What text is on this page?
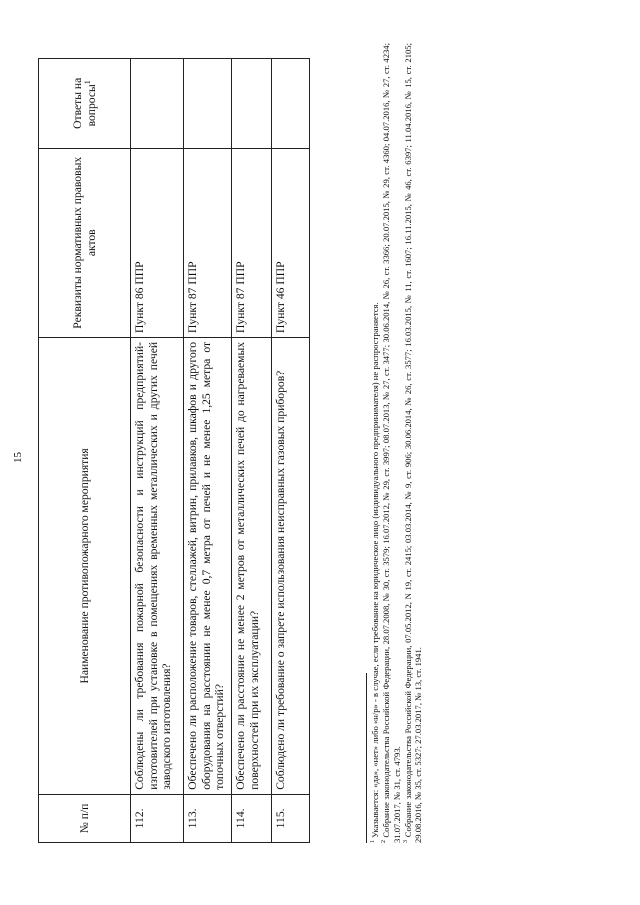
15
№ п/п	Наименование противопожарного мероприятия	Реквизиты нормативных правовых актов	Ответы на вопросы$^1$
112.	Соблюдены ли требования пожарной безопасности и инструкций предприятий-изготовителей при установке в помещениях временных металлических и других печей заводского изготовления?	Пункт 86 ППР	
113.	Обеспечено ли расположение товаров, стеллажей, витрин, прилавков, шкафов и другого оборудования на расстоянии не менее 0,7 метра от печей и не менее 1,25 метра от топочных отверстий?	Пункт 87 ППР	
114.	Обеспечено ли расстояние не менее 2 метров от металлических печей до нагреваемых поверхностей при их эксплуатации?	Пункт 87 ППР	
115.	Соблюдено ли требование о запрете использования неисправных газовых приборов?	Пункт 46 ППР	

$^1$ Указывается: «да», «нет» либо «н/р» - в случае, если требование на юридическое лицо (индивидуального предпринимателя) не распространяется.

$^2$ Собрание законодательства Российской Федерации, 28.07.2008, № 30, ст. 3579; 16.07.2012, № 29, ст. 3997; 08.07.2013, № 27, ст. 3477; 30.06.2014, № 26, ст. 3366; 20.07.2015, № 29, ст. 4360; 04.07.2016, № 27, ст. 4234; 31.07.2017, № 31, ст. 4793. $^3$ Собрание законодательства Российской Федерации, 07.05.2012, N 19, ст. 2415; 03.03.2014, № 9, ст. 906; 30.06.2014, № 26, ст. 3577; 16.03.2015, № 11, ст. 1607; 16.11.2015, № 46, ст. 6397; 11.04.2016, № 15, ст. 2105; 29.08.2016, № 35, ст. 5327; 27.03.2017, № 13, ст. 1941.
